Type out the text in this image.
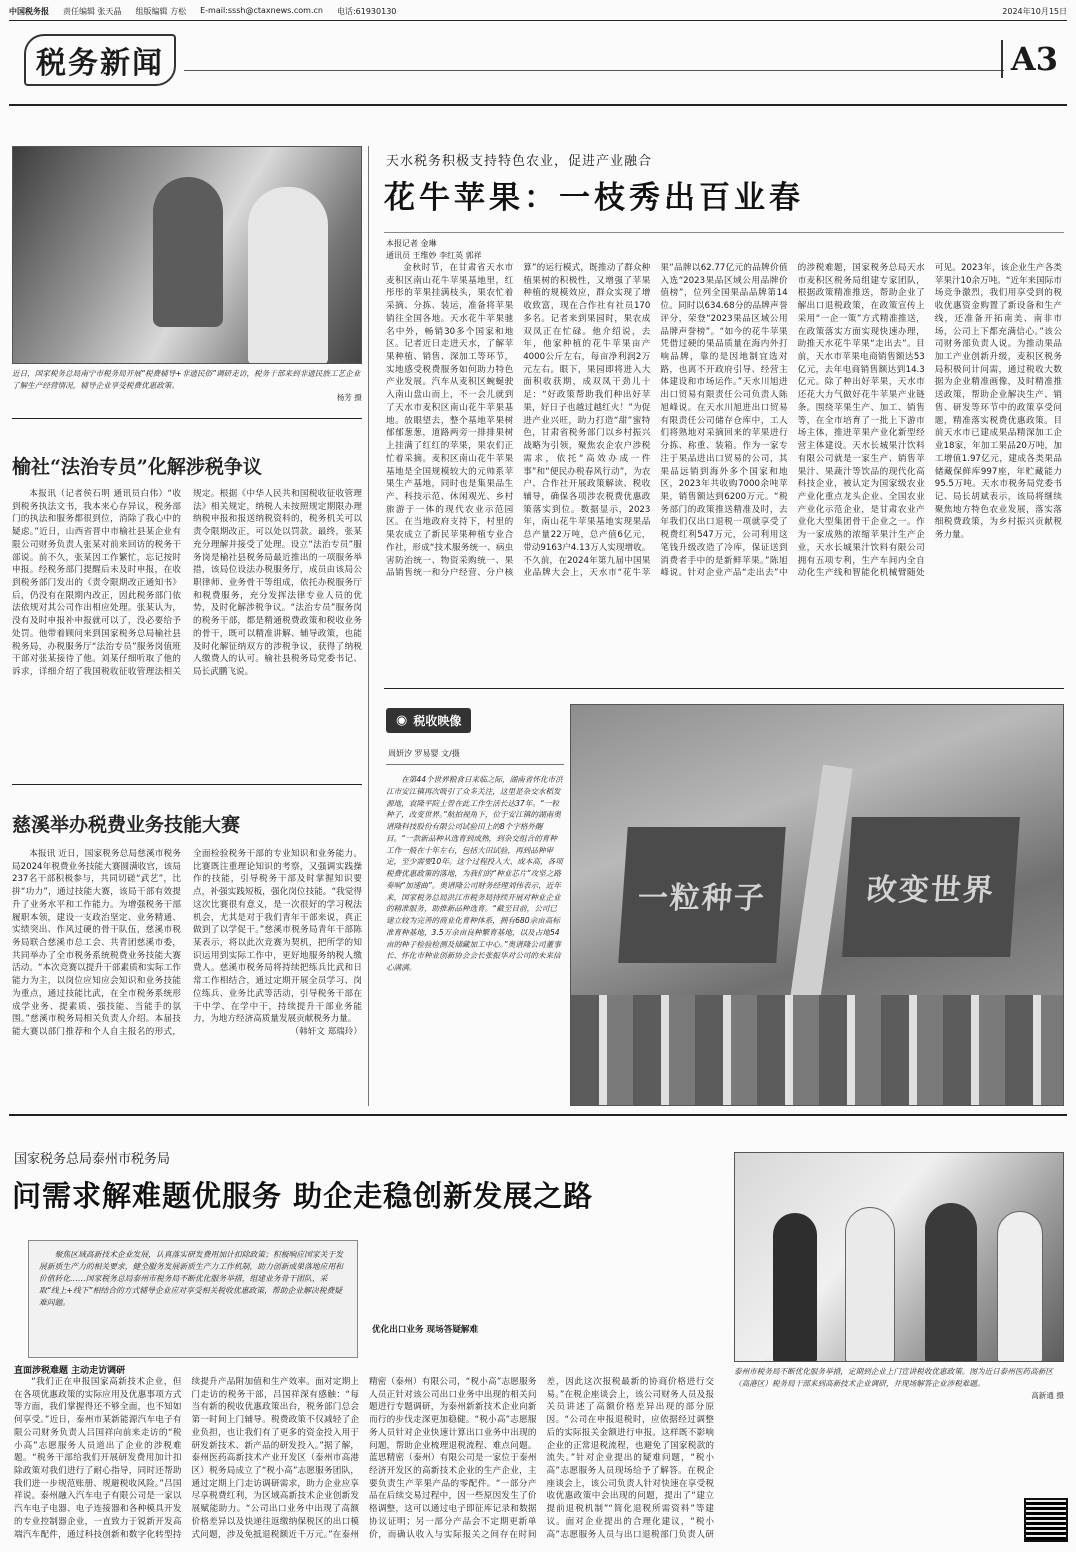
中国税务报 责任编辑 张天晶 组版编辑 方松 E-mail:sssh@ctaxnews.com.cn 电话:61930130	2024年10月15日
税务新闻	A3
近日，国家税务总局南宁市税务局开展“税费辅导+非遗民俗”调研走访，税务干部来到非遗民族工艺企业了解生产经营情况，辅导企业享受税费优惠政策。
杨芳 摄
榆社“法治专员”化解涉税争议
本报讯（记者侯石明 通讯员白伟）“收到税务执法文书，我本来心存异议，税务部门的执法和服务都很到位，消除了我心中的疑虑。”近日，山西省晋中市榆社县某企业有限公司财务负责人张某对前来回访的税务干部说。前不久，张某因工作繁忙，忘记按时申报。经税务部门提醒后未及时申报，在收到税务部门发出的《责令限期改正通知书》后，仍没有在限期内改正，因此税务部门依法依规对其公司作出相应处理。张某认为，没有及时申报补申报就可以了，没必要给予处罚。他带着顾问来到国家税务总局榆社县税务局，办税服务厅“法治专员”服务岗值班干部对张某接待了他。刘某仔细听取了他的诉求，详细介绍了我国税收征收管理法相关规定。根据《中华人民共和国税收征收管理法》相关规定，纳税人未按照规定期限办理纳税申报和报送纳税资料的，税务机关可以责令限期改正，可以处以罚款。最终，张某充分理解并接受了处理。设立“法治专员”服务岗是榆社县税务局最近推出的一项服务举措，该局位设法办税服务厅，成员由该局公职律师、业务骨干等组成，依托办税服务厅和税费服务，充分发挥法律专业人员的优势，及时化解涉税争议。“法治专员”服务岗的税务干部，都是精通税费政策和税收业务的骨干，既可以精准讲解、辅导政策，也能及时化解征纳双方的涉税争议，获得了纳税人缴费人的认可。榆社县税务局党委书记、局长武鹏飞说。
慈溪举办税费业务技能大赛
本报讯 近日，国家税务总局慈溪市税务局2024年税费业务技能大赛圆满收官，该局237名干部积极参与，共同切磋“武艺”，比拼“功力”，通过技能大赛，该局干部有效提升了业务水平和工作能力。为增强税务干部履职本领，建设一支政治坚定、业务精通、实绩突出、作风过硬的骨干队伍，慈溪市税务局联合慈溪市总工会、共青团慈溪市委，共同举办了全市税务系统税费业务技能大赛活动。“本次竞赛以提升干部素质和实际工作能力为主，以岗位应知应会知识和业务技能为重点，通过技能比武，在全市税务系统形成学业务、提素质、强技能、当能手的氛围。”慈溪市税务局相关负责人介绍。本届技能大赛以部门推荐和个人自主报名的形式，全面检验税务干部的专业知识和业务能力。比赛既注重理论知识的考察，又强调实践操作的技能，引导税务干部及时掌握知识要点，补强实践短板，强化岗位技能。“我觉得这次比赛很有意义，是一次很好的学习税法机会，尤其是对于我们青年干部来说，真正做到了以学促干。”慈溪市税务局青年干部陈某表示，将以此次竞赛为契机，把所学的知识运用到实际工作中，更好地服务纳税人缴费人。慈溪市税务局将持续把练兵比武和日常工作相结合，通过定期开展全员学习、岗位练兵、业务比武等活动，引导税务干部在干中学、在学中干，持续提升干部业务能力，为地方经济高质量发展贡献税务力量。
（韩轩文 郑瑞玲）
天水税务积极支持特色农业，促进产业融合
花牛苹果：一枝秀出百业春
本报记者 金琳
通讯员 王维妙 李红英 郭祥
金秋时节，在甘肃省天水市麦积区南山花牛苹果基地里，红彤彤的苹果挂满枝头，果农忙着采摘、分拣、装运，准备将苹果销往全国各地。天水花牛苹果驰名中外，畅销30多个国家和地区。记者近日走进天水，了解苹果种植、销售、深加工等环节，实地感受税费服务如何助力特色产业发展。汽车从麦积区蜿蜒驶入南山盘山而上，不一会儿就到了天水市麦积区南山花牛苹果基地。放眼望去，整个基地苹果树郁郁葱葱，道路两旁一排排果树上挂满了红红的苹果，果农们正忙着采摘。麦积区南山花牛苹果基地是全国规模较大的元帅系苹果生产基地，同时也是集果品生产、科技示范、休闲观光、乡村旅游于一体的现代农业示范园区。在当地政府支持下，村里的果农成立了新民苹果种植专业合作社，形成“技术服务统一、病虫害防治统一、物资采购统一、果品销售统一和分户经营、分户核算”的运行模式，既推动了群众种植果树的积极性，又增强了苹果种植的规模效应，群众实现了增收致富，现在合作社有社员170多名。记者来到果园时，果农成双凤正在忙碌。他介绍说，去年，他家种植的花牛苹果亩产4000公斤左右，每亩净利润2万元左右。眼下，果园即将进入大面积收获期，成双凤干劲儿十足：“好政策帮助我们种出好苹果，好日子也越过越红火！”为促进产业兴旺，助力打造“甜”蜜特色，甘肃省税务部门以乡村振兴战略为引领，聚焦农企农户涉税需求，依托“高效办成一件事”和“便民办税春风行动”，为农户、合作社开展政策解读、税收辅导，确保各项涉农税费优惠政策落实到位。数据显示，2023年，南山花牛苹果基地实现果品总产量22万吨，总产值6亿元，带动9163户4.13万人实现增收。不久前，在2024年第九届中国果业品牌大会上，天水市“花牛苹果”品牌以62.77亿元的品牌价值入选“2023果品区域公用品牌价值榜”，位列全国果品品牌第14位。同时以634.68分的品牌声誉评分，荣登“2023果品区域公用品牌声誉榜”。“如今的花牛苹果凭借过硬的果品质量在海内外打响品牌，靠的是因地制宜选对路，也离不开政府引导、经营主体建设和市场运作。”天水川旭进出口贸易有限责任公司负责人陈旭峰说。在天水川旭进出口贸易有限责任公司储存仓库中，工人们将熟地对采摘回来的苹果进行分拣、称重、装箱。作为一家专注于果品进出口贸易的公司，其果品远销到海外多个国家和地区，2023年共收购7000余吨苹果，销售额达到6200万元。“税务部门的政策推送精准及时，去年我们仅出口退税一项就享受了税费红利547万元，公司利用这笔钱升级改造了冷库，保证送到消费者手中的是新鲜苹果。”陈旭峰说。针对企业产品“走出去”中的涉税难题，国家税务总局天水市麦积区税务局组建专家团队，根据政策精准推送，帮助企业了解出口退税政策，在政策宣传上采用“一企一策”方式精准推送，在政策落实方面实现快速办理，助推天水花牛苹果“走出去”。目前，天水市苹果电商销售额达53亿元，去年电商销售额达到14.3亿元。除了种出好苹果，天水市还花大力气做好花牛苹果产业链条。围绕苹果生产、加工、销售等，在全市培育了一批上下游市场主体，推进苹果产业化新型经营主体建设。天水长城果汁饮料有限公司就是一家生产、销售苹果汁、果蔬汁等饮品的现代化高科技企业，被认定为国家级农业产业化重点龙头企业、全国农业产业化示范企业，是甘肃农业产业化大型集团骨干企业之一。作为一家成熟的浓缩苹果汁生产企业，天水长城果汁饮料有限公司拥有五项专利，生产车间内全自动化生产线和智能化机械臂随处可见。2023年，该企业生产各类苹果汁10余万吨。“近年来国际市场竞争激烈，我们用享受到的税收优惠资金购置了新设备和生产线，还准备开拓南美、南非市场，公司上下都充满信心。”该公司财务部负责人说。为推动果品加工产业创新升级，麦积区税务局积极问计问需，通过税收大数据为企业精准画像，及时精准推送政策，帮助企业解决生产、销售、研发等环节中的政策享受问题，精准落实税费优惠政策。目前天水市已建成果品精深加工企业18家，年加工果品20万吨，加工增值1.97亿元，建成各类果品储藏保鲜库997座，年贮藏能力95.5万吨。天水市税务局党委书记、局长胡斌表示，该局将继续聚焦地方特色农业发展，落实落细税费政策，为乡村振兴贡献税务力量。
◉ 税收映像
周妍汐 罗易婴 文/摄
在第44个世界粮食日来临之际，湖南省怀化市洪江市安江镇再次吸引了众多关注，这里是杂交水稻发源地，袁隆平院士曾在此工作生活长达37年。“一粒种子，改变世界。”航拍视角下，位于安江镇的湖南奥谱隆科技股份有限公司试验田上的8个字格外醒目。“一款新品种从选育到成熟，到杂交组合的育种工作一般在十年左右，包括大田试验，再到品种审定，至少需要10年。这个过程投入大、成本高，各项税费优惠政策的落地，为我们的“种业芯片”攻坚之路奏响“加速曲”。奥谱隆公司财务经理刘伟表示，近年来，国家税务总局洪江市税务局持续开展对种业企业的精准服务，助推新品种选育。“截至目前，公司已建立较为完善的商业化育种体系，拥有680余亩高标准育种基地，3.5万余亩良种繁育基地，以及占地54亩的种子检验检测及储藏加工中心。”奥谱隆公司董事长、怀化市种业创新协会会长张振华对公司的未来信心满满。
一粒种子	改变世界
国家税务总局泰州市税务局
问需求解难题优服务 助企走稳创新发展之路
聚焦区域高新技术企业发展，认真落实研发费用加计扣除政策；积极响应国家关于发展新质生产力的相关要求，健全服务发展新质生产力工作机制，助力创新成果落地应用和价值转化……国家税务总局泰州市税务局不断优化服务举措，组建业务骨干团队，采取“线上+线下”相结合的方式辅导企业应对享受相关税收优惠政策，帮助企业解决税费疑难问题。
直面涉税难题 主动走访调研
“我们正在申报国家高新技术企业，但在各项优惠政策的实际应用及优惠事项方式等方面，我们掌握得还不够全面，也不知如何享受。”近日，泰州市某新能源汽车电子有限公司财务负责人吕国祥向前来走访的“税小高”志愿服务人员道出了企业的涉税难题。“税务干部给我们开展研发费用加计扣除政策对我们进行了耐心指导，同时还帮助我们进一步规范账册、规避税收风险。”吕国祥说。泰州融入汽车电子有限公司是一家以汽车电子电器、电子连接器和各种模具开发的专业控制器企业，一直致力于锐新开发高端汽车配件，通过科技创新和数字化转型持续提升产品附加值和生产效率。面对定期上门走访的税务干部，吕国祥深有感触：“每当有新的税收优惠政策出台，税务部门总会第一时间上门辅导。税费政策不仅减轻了企业负担，也让我们有了更多的资金投入用于研发新技术、新产品的研发投入。”据了解，泰州医药高新技术产业开发区（泰州市高港区）税务局成立了“税小高”志愿服务团队，通过定期上门走访调研需求，助力企业应享尽享税费红利，为区域高新技术企业创新发展赋能助力。“公司出口业务中出现了高额价格差异以及快递往返缴纳保税区的出口模式问题，涉及免抵退税额近千万元。”在泰州精密（泰州）有限公司，“税小高”志愿服务人员正针对该公司出口业务中出现的相关问题进行专题调研，为泰州新新技术企业向新而行的步伐走深更加稳健。“税小高”志愿服务人员针对企业快速计算出口业务中出现的问题，帮助企业梳理退税流程、难点问题。蓝思精密（泰州）有限公司是一家位于泰州经济开发区的高新技术企业的生产企业，主要负责生产苹果产品的零配件。“一部分产品在后续交易过程中，因一些原因发生了价格调整，这可以通过电子即征库记录和数据协议证明；另一部分产品会不定期更新单价，而确认收入与实际报关之间存在时间差，因此这次报税最新的协商价格进行交易。”在税企座谈会上，该公司财务人员及报关员讲述了高额价格差异出现的部分原因。“公司在申报退税时，应依据经过调整后的实际报关金额进行申报。这样既不影响企业的正常退税流程，也避免了国家税款的流失。”针对企业提出的疑难问题，“税小高”志愿服务人员现场给予了解答。在税企座谈会上，该公司负责人针对快速在享受税收优惠政策中会出现的问题，提出了“建立提前退税机制”“简化退税所需资料”等建议。面对企业提出的合理化建议，“税小高”志愿服务人员与出口退税部门负责人研
优化出口业务 现场答疑解难
泰州市税务局不断优化服务举措，定期到企业上门宣讲税收优惠政策。图为近日泰州医药高新区（高港区）税务局干部来到高新技术企业调研，并现场解答企业涉税难题。
高新通 摄
